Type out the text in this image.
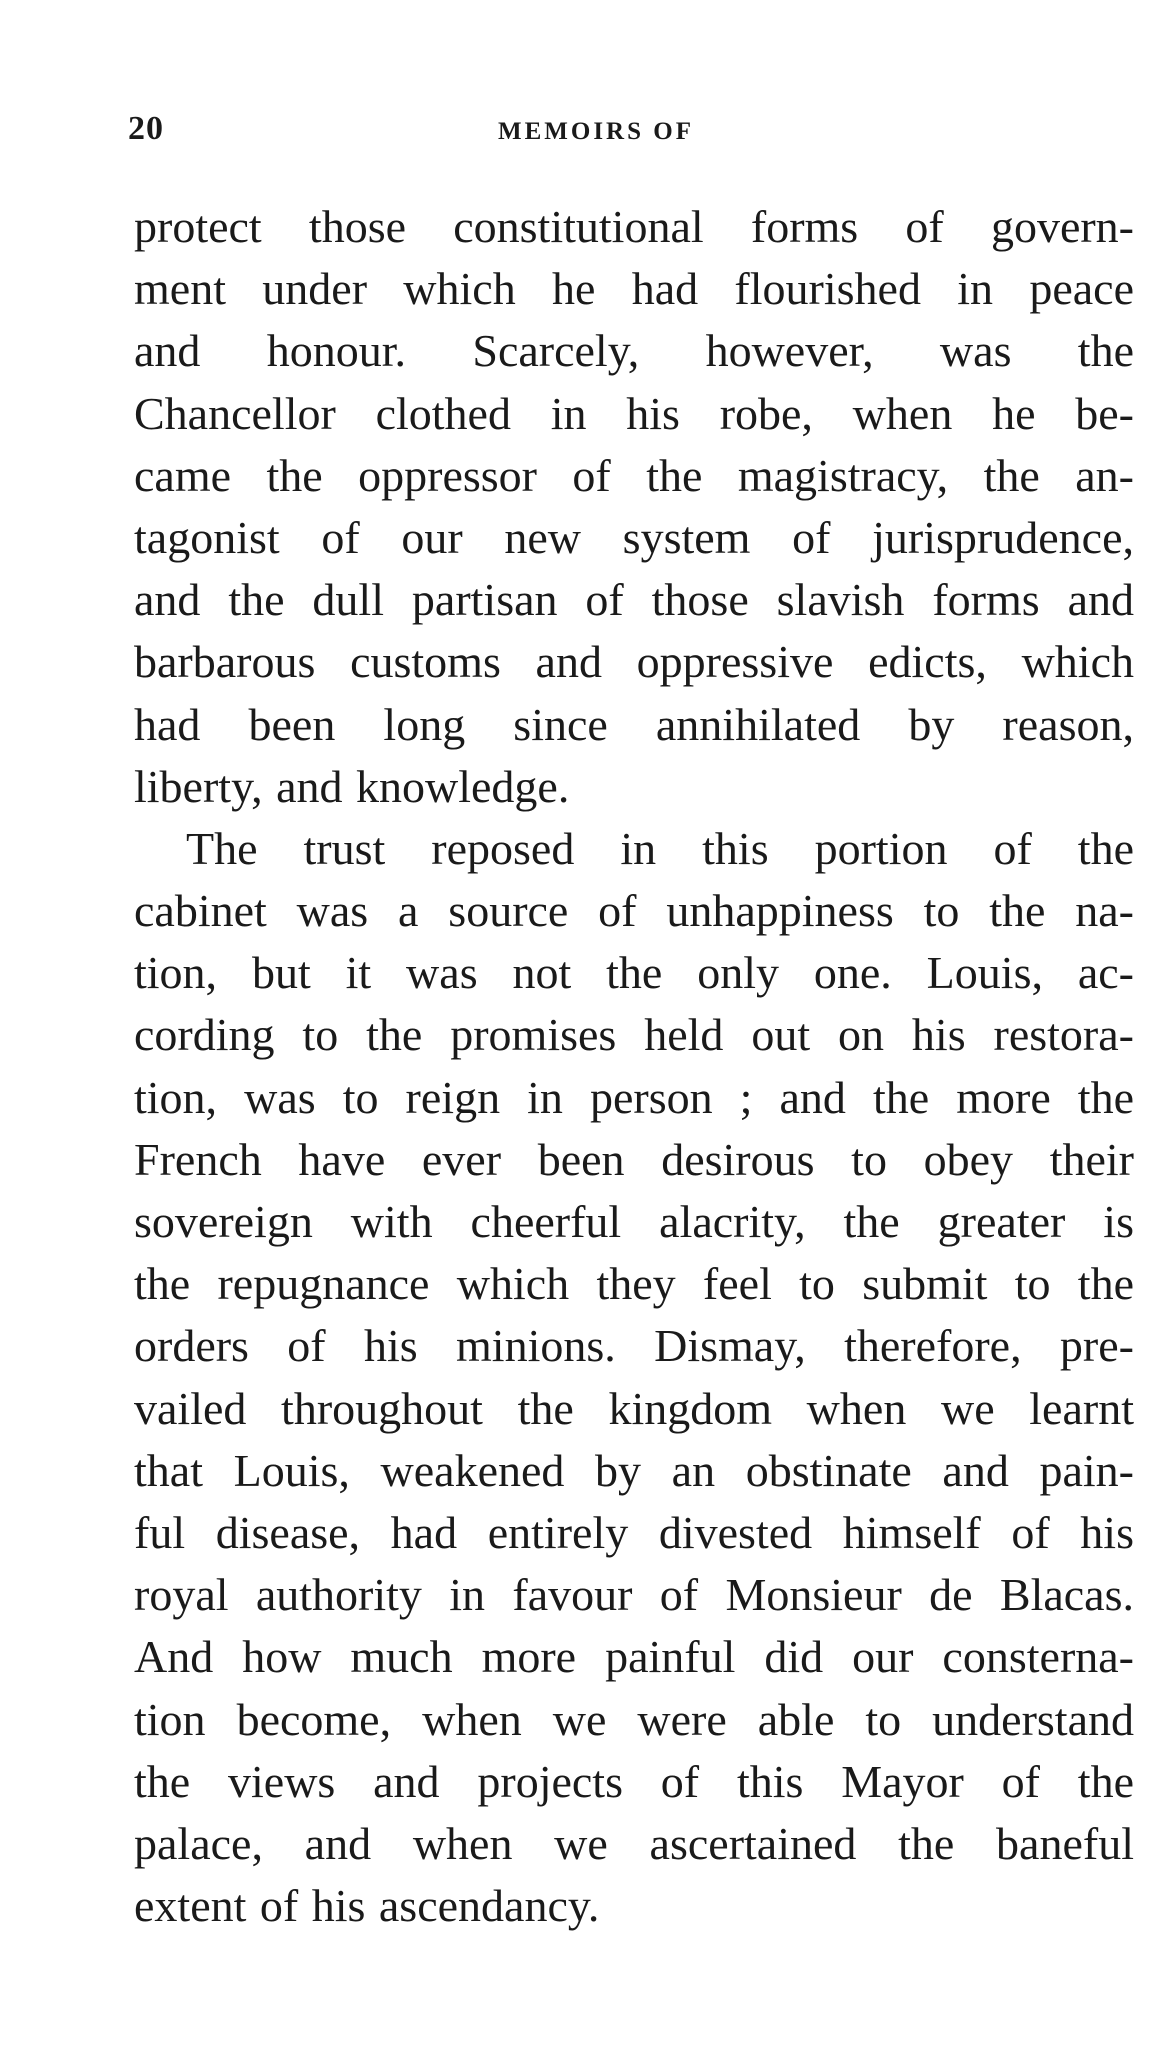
20	MEMOIRS OF
protect those constitutional forms of govern-
ment under which he had flourished in peace
and honour. Scarcely, however, was the
Chancellor clothed in his robe, when he be-
came the oppressor of the magistracy, the an-
tagonist of our new system of jurisprudence,
and the dull partisan of those slavish forms and
barbarous customs and oppressive edicts, which
had been long since annihilated by reason,
liberty, and knowledge.
The trust reposed in this portion of the
cabinet was a source of unhappiness to the na-
tion, but it was not the only one. Louis, ac-
cording to the promises held out on his restora-
tion, was to reign in person ; and the more the
French have ever been desirous to obey their
sovereign with cheerful alacrity, the greater is
the repugnance which they feel to submit to the
orders of his minions. Dismay, therefore, pre-
vailed throughout the kingdom when we learnt
that Louis, weakened by an obstinate and pain-
ful disease, had entirely divested himself of his
royal authority in favour of Monsieur de Blacas.
And how much more painful did our consterna-
tion become, when we were able to understand
the views and projects of this Mayor of the
palace, and when we ascertained the baneful
extent of his ascendancy.
